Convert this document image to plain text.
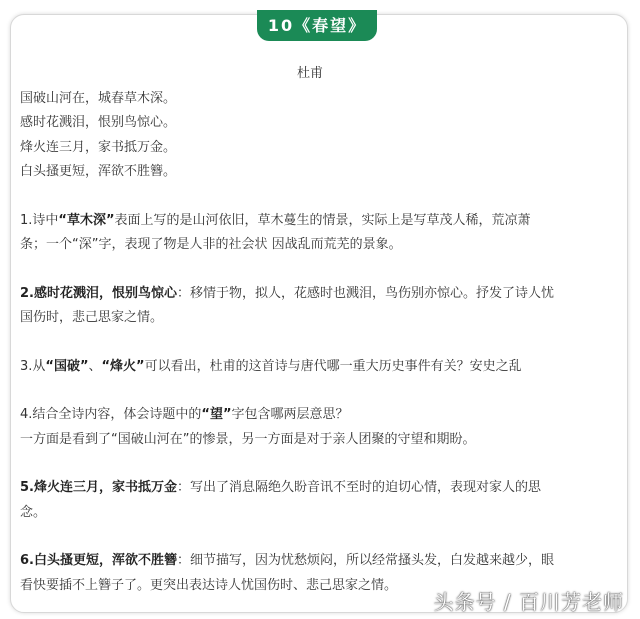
10《春望》
杜甫
国破山河在，城春草木深。
感时花溅泪，恨别鸟惊心。
烽火连三月，家书抵万金。
白头搔更短，浑欲不胜簪。

1.诗中“草木深”表面上写的是山河依旧，草木蔓生的情景，实际上是写草茂人稀，荒凉萧

条；一个“深”字，表现了物是人非的社会状 因战乱而荒芜的景象。

2.感时花溅泪，恨别鸟惊心：移情于物，拟人，花感时也溅泪，鸟伤别亦惊心。抒发了诗人忧

国伤时，悲己思家之情。

3.从“国破”、“烽火”可以看出，杜甫的这首诗与唐代哪一重大历史事件有关？安史之乱

4.结合全诗内容，体会诗题中的“望”字包含哪两层意思？

一方面是看到了“国破山河在”的惨景，另一方面是对于亲人团聚的守望和期盼。

5.烽火连三月，家书抵万金：写出了消息隔绝久盼音讯不至时的迫切心情，表现对家人的思

念。

6.白头搔更短，浑欲不胜簪：细节描写，因为忧愁烦闷，所以经常搔头发，白发越来越少，眼

看快要插不上簪子了。更突出表达诗人忧国伤时、悲己思家之情。

头条号 / 百川芳老师
